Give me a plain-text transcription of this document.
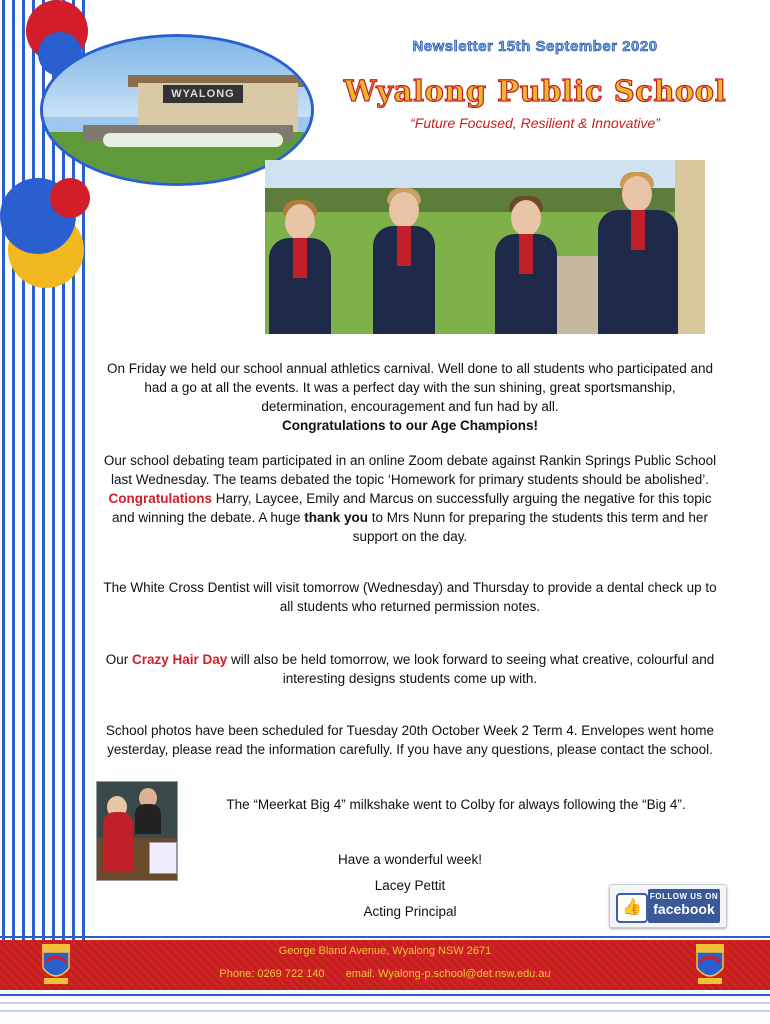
WYALONG
Newsletter 15th September 2020
Wyalong Public School
“Future Focused, Resilient & Innovative”

On Friday we held our school annual athletics carnival. Well done to all students who participated and had a go at all the events. It was a perfect day with the sun shining, great sportsmanship, determination, encouragement and fun had by all.

Congratulations to our Age Champions!

Our school debating team participated in an online Zoom debate against Rankin Springs Public School last Wednesday. The teams debated the topic ‘Homework for primary students should be abolished’. Congratulations Harry, Laycee, Emily and Marcus on successfully arguing the negative for this topic and winning the debate. A huge thank you to Mrs Nunn for preparing the students this term and her support on the day.

The White Cross Dentist will visit tomorrow (Wednesday) and Thursday to provide a dental check up to all students who returned permission notes.

Our Crazy Hair Day will also be held tomorrow, we look forward to seeing what creative, colourful and interesting designs students come up with.

School photos have been scheduled for Tuesday 20th October Week 2 Term 4. Envelopes went home yesterday, please read the information carefully. If you have any questions, please contact the school.

The “Meerkat Big 4” milkshake went to Colby for always following the “Big 4”.

Have a wonderful week!
Lacey Pettit
Acting Principal	👍
FOLLOW US ON
facebook
George Bland Avenue, Wyalong NSW 2671
Phone: 0269 722 140 email. Wyalong-p.school@det.nsw.edu.au
